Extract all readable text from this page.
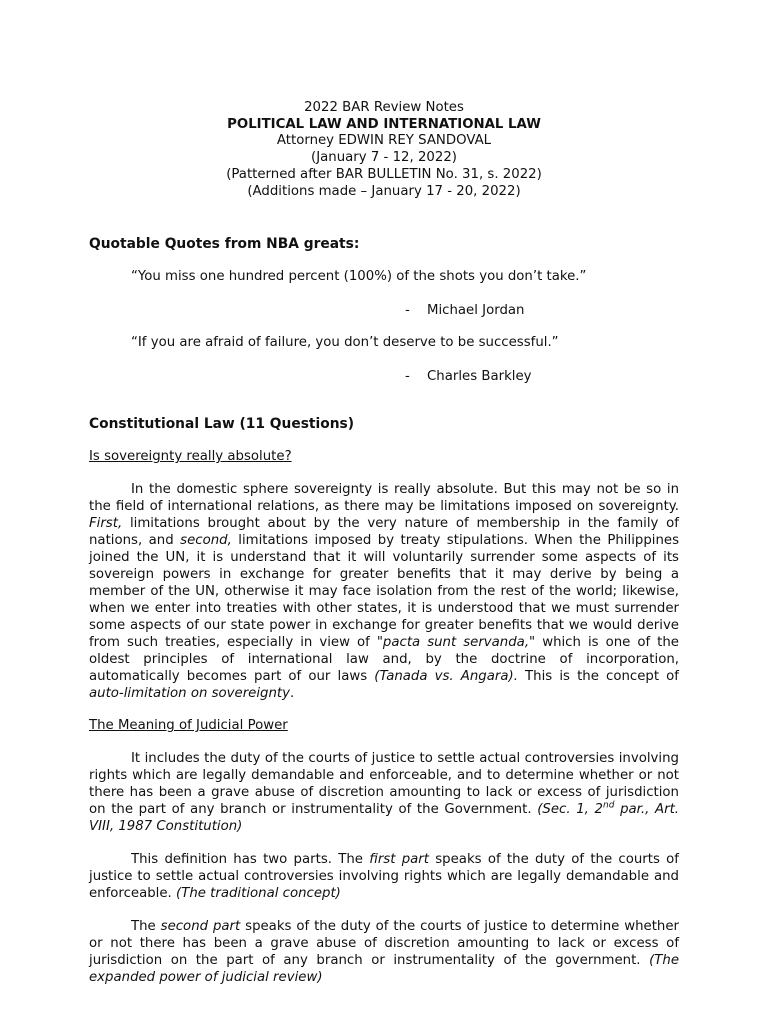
2022 BAR Review Notes

POLITICAL LAW AND INTERNATIONAL LAW

Attorney EDWIN REY SANDOVAL

(January 7 - 12, 2022)

(Patterned after BAR BULLETIN No. 31, s. 2022)

(Additions made – January 17 - 20, 2022)

Quotable Quotes from NBA greats:

“You miss one hundred percent (100%) of the shots you don’t take.”

- Michael Jordan

“If you are afraid of failure, you don’t deserve to be successful.”

- Charles Barkley

Constitutional Law (11 Questions)

Is sovereignty really absolute?

In the domestic sphere sovereignty is really absolute. But this may not be so in the field of international relations, as there may be limitations imposed on sovereignty. First, limitations brought about by the very nature of membership in the family of nations, and second, limitations imposed by treaty stipulations. When the Philippines joined the UN, it is understand that it will voluntarily surrender some aspects of its sovereign powers in exchange for greater benefits that it may derive by being a member of the UN, otherwise it may face isolation from the rest of the world; likewise, when we enter into treaties with other states, it is understood that we must surrender some aspects of our state power in exchange for greater benefits that we would derive from such treaties, especially in view of "pacta sunt servanda," which is one of the oldest principles of international law and, by the doctrine of incorporation, automatically becomes part of our laws (Tanada vs. Angara). This is the concept of auto-limitation on sovereignty.

The Meaning of Judicial Power

It includes the duty of the courts of justice to settle actual controversies involving rights which are legally demandable and enforceable, and to determine whether or not there has been a grave abuse of discretion amounting to lack or excess of jurisdiction on the part of any branch or instrumentality of the Government. (Sec. 1, 2nd par., Art. VIII, 1987 Constitution)

This definition has two parts. The first part speaks of the duty of the courts of justice to settle actual controversies involving rights which are legally demandable and enforceable. (The traditional concept)

The second part speaks of the duty of the courts of justice to determine whether or not there has been a grave abuse of discretion amounting to lack or excess of jurisdiction on the part of any branch or instrumentality of the government. (The expanded power of judicial review)
